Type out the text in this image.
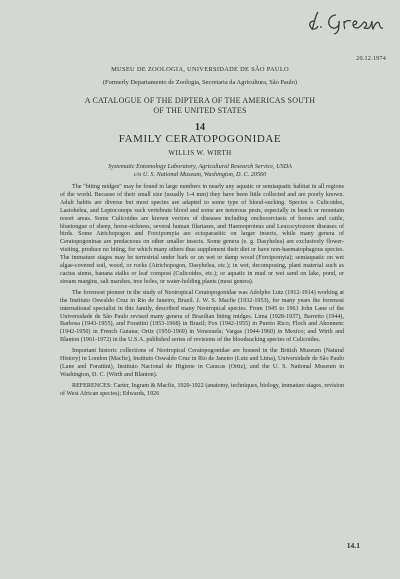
20.12.1974
MUSEU DE ZOOLOGIA, UNIVERSIDADE DE SÃO PAULO
(Formerly Departamento de Zoologia, Secretaria da Agricultura, São Paulo)
A CATALOGUE OF THE DIPTERA OF THE AMERICAS SOUTH
OF THE UNITED STATES
14
FAMILY CERATOPOGONIDAE
WILLIS W. WIRTH
Systematic Entomology Laboratory, Agricultural Research Service, USDA
c/o U. S. National Museum, Washington, D. C. 20560

The "biting midges" may be found in large numbers in nearly any aquatic or semiaquatic habitat in all regions of the world. Because of their small size (usually 1-4 mm) they have been little collected and are poorly known. Adult habits are diverse but most species are adapted to some type of blood-sucking. Species o Culicoides, Lasiohelea, and Leptoconops suck vertebrate blood and some are notorous pests, especially in beach or mountain resort areas. Some Culicoides are known vectors of diseases including onchocerciasis of horses and cattle, bluetongue of sheep, horse-sickness, several human filariases, and Haemoproteus and Leucocytozoon diseases of birds. Some Atrichopogon and Forcipomyia are ectoparasitic on larger insects, while many genera of Ceratopogoninae are predaceous on other smaller insects. Some genera (e. g. Dasyhelea) are exclusively flower-visiting, produce no biting, for which many others thus supplement their diet or have non-haematophagous species. The immature stages may be terrestrial under bark or on wet or damp wood (Forcipomyia); semiaquatic on wet algae-covered soil, wood, or rocks (Atrichopogon, Dasyhelea, etc.); in wet, decomposing, plant material such as cactus stems, banana stalks or leaf compost (Culicoides, etc.); or aquatic in mud or wet sand on lake, pond, or stream margins, salt marshes, tree holes, or water-holding plants (most genera).

The foremost pioneer in the study of Neotropical Ceratopogonidae was Adolpho Lutz (1912-1914) working at the Instituto Oswaldo Cruz in Rio de Janeiro, Brazil. J. W. S. Macfie (1932-1953), for many years the foremost international specialist in this family, described many Neotropical species. From 1945 to 1961 John Lane of the Universidade de São Paulo revised many genera of Brazilian biting midges. Lima (1928-1937), Barretto (1944), Barbosa (1943-1955), and Forattini (1953-1968) in Brazil; Fox (1942-1955) in Puerto Rico; Floch and Abonnenc (1942-1950) in French Guiana; Ortiz (1950-1969) in Venezuela; Vargas (1944-1960) in Mexico; and Wirth and Blanton (1961-1972) in the U.S.A. published series of revisions of the bloodsucking species of Culicoides.

Important historic collections of Neotropical Ceratopogonidae are housed in the British Museum (Natural History) in London (Macfie), Instituto Oswaldo Cruz in Rio de Janeiro (Lutz and Lima), Universidade de São Paulo (Lane and Forattini), Instituto Nacional de Higiene in Caracas (Ortiz), and the U. S. National Museum in Washington, D. C. (Wirth and Blanton).

REFERENCES: Carter, Ingram & Macfie, 1920-1922 (anatomy, techniques, biology, immature stages, revision of West African species); Edwards, 1926

14.1
